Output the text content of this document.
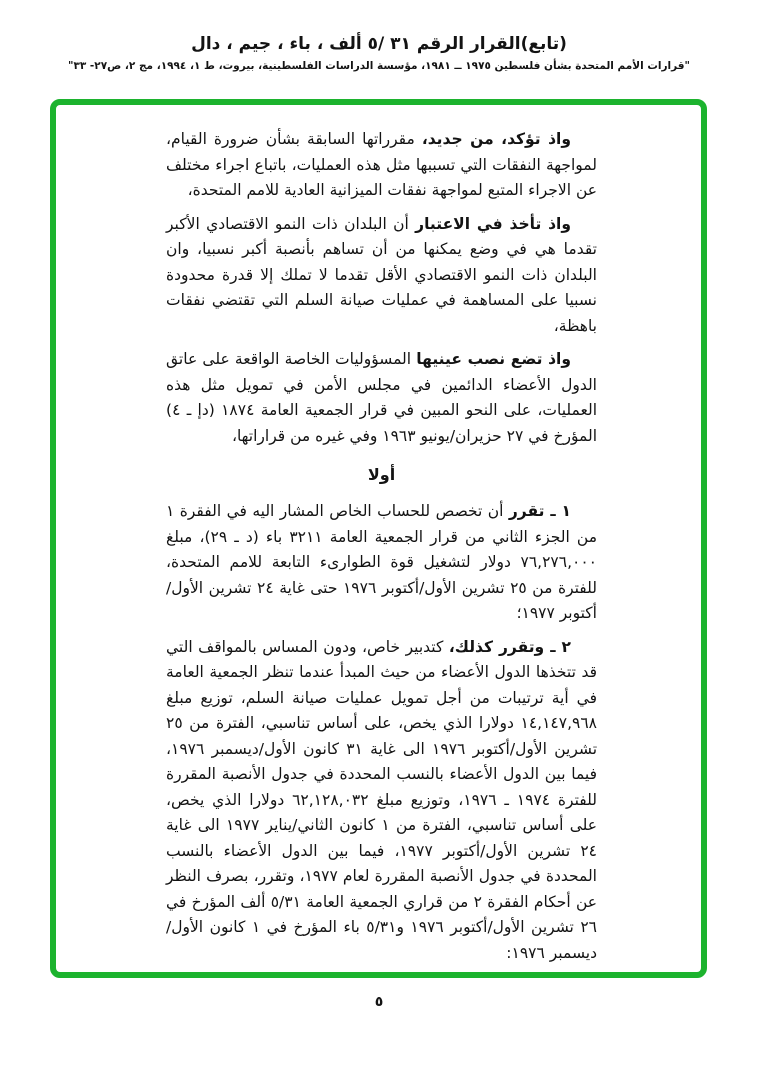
(تابع)القرار الرقم ٣١ /٥ ألف ، باء ، جيم ، دال
"قرارات الأمم المتحدة بشأن فلسطين ١٩٧٥ ــ ١٩٨١، مؤسسة الدراسات الفلسطينية، بيروت، ط ١، ١٩٩٤، مج ٢، ص٢٧- ٣٣"

واذ تؤكد، من جديد، مقرراتها السابقة بشأن ضرورة القيام، لمواجهة النفقات التي تسببها مثل هذه العمليات، باتباع اجراء مختلف عن الاجراء المتبع لمواجهة نفقات الميزانية العادية للامم المتحدة،

واذ تأخذ في الاعتبار أن البلدان ذات النمو الاقتصادي الأكبر تقدما هي في وضع يمكنها من أن تساهم بأنصبة أكبر نسبيا، وان البلدان ذات النمو الاقتصادي الأقل تقدما لا تملك إلا قدرة محدودة نسبيا على المساهمة في عمليات صيانة السلم التي تقتضي نفقات باهظة،

واذ تضع نصب عينيها المسؤوليات الخاصة الواقعة على عاتق الدول الأعضاء الدائمين في مجلس الأمن في تمويل مثل هذه العمليات، على النحو المبين في قرار الجمعية العامة ١٨٧٤ (دإ ـ ٤) المؤرخ في ٢٧ حزيران/يونيو ١٩٦٣ وفي غيره من قراراتها،

أولا

١ ـ تقرر أن تخصص للحساب الخاص المشار اليه في الفقرة ١ من الجزء الثاني من قرار الجمعية العامة ٣٢١١ باء (د ـ ٢٩)، مبلغ ٧٦,٢٧٦,٠٠٠ دولار لتشغيل قوة الطوارىء التابعة للامم المتحدة، للفترة من ٢٥ تشرين الأول/أكتوبر ١٩٧٦ حتى غاية ٢٤ تشرين الأول/أكتوبر ١٩٧٧؛

٢ ـ وتقرر كذلك، كتدبير خاص، ودون المساس بالمواقف التي قد تتخذها الدول الأعضاء من حيث المبدأ عندما تنظر الجمعية العامة في أية ترتيبات من أجل تمويل عمليات صيانة السلم، توزيع مبلغ ١٤,١٤٧,٩٦٨ دولارا الذي يخص، على أساس تناسبي، الفترة من ٢٥ تشرين الأول/أكتوبر ١٩٧٦ الى غاية ٣١ كانون الأول/ديسمبر ١٩٧٦، فيما بين الدول الأعضاء بالنسب المحددة في جدول الأنصبة المقررة للفترة ١٩٧٤ ـ ١٩٧٦، وتوزيع مبلغ ٦٢,١٢٨,٠٣٢ دولارا الذي يخص، على أساس تناسبي، الفترة من ١ كانون الثاني/يناير ١٩٧٧ الى غاية ٢٤ تشرين الأول/أكتوبر ١٩٧٧، فيما بين الدول الأعضاء بالنسب المحددة في جدول الأنصبة المقررة لعام ١٩٧٧، وتقرر، بصرف النظر عن أحكام الفقرة ٢ من قراري الجمعية العامة ٥/٣١ ألف المؤرخ في ٢٦ تشرين الأول/أكتوبر ١٩٧٦ و٥/٣١ باء المؤرخ في ١ كانون الأول/ديسمبر ١٩٧٦:

٥
